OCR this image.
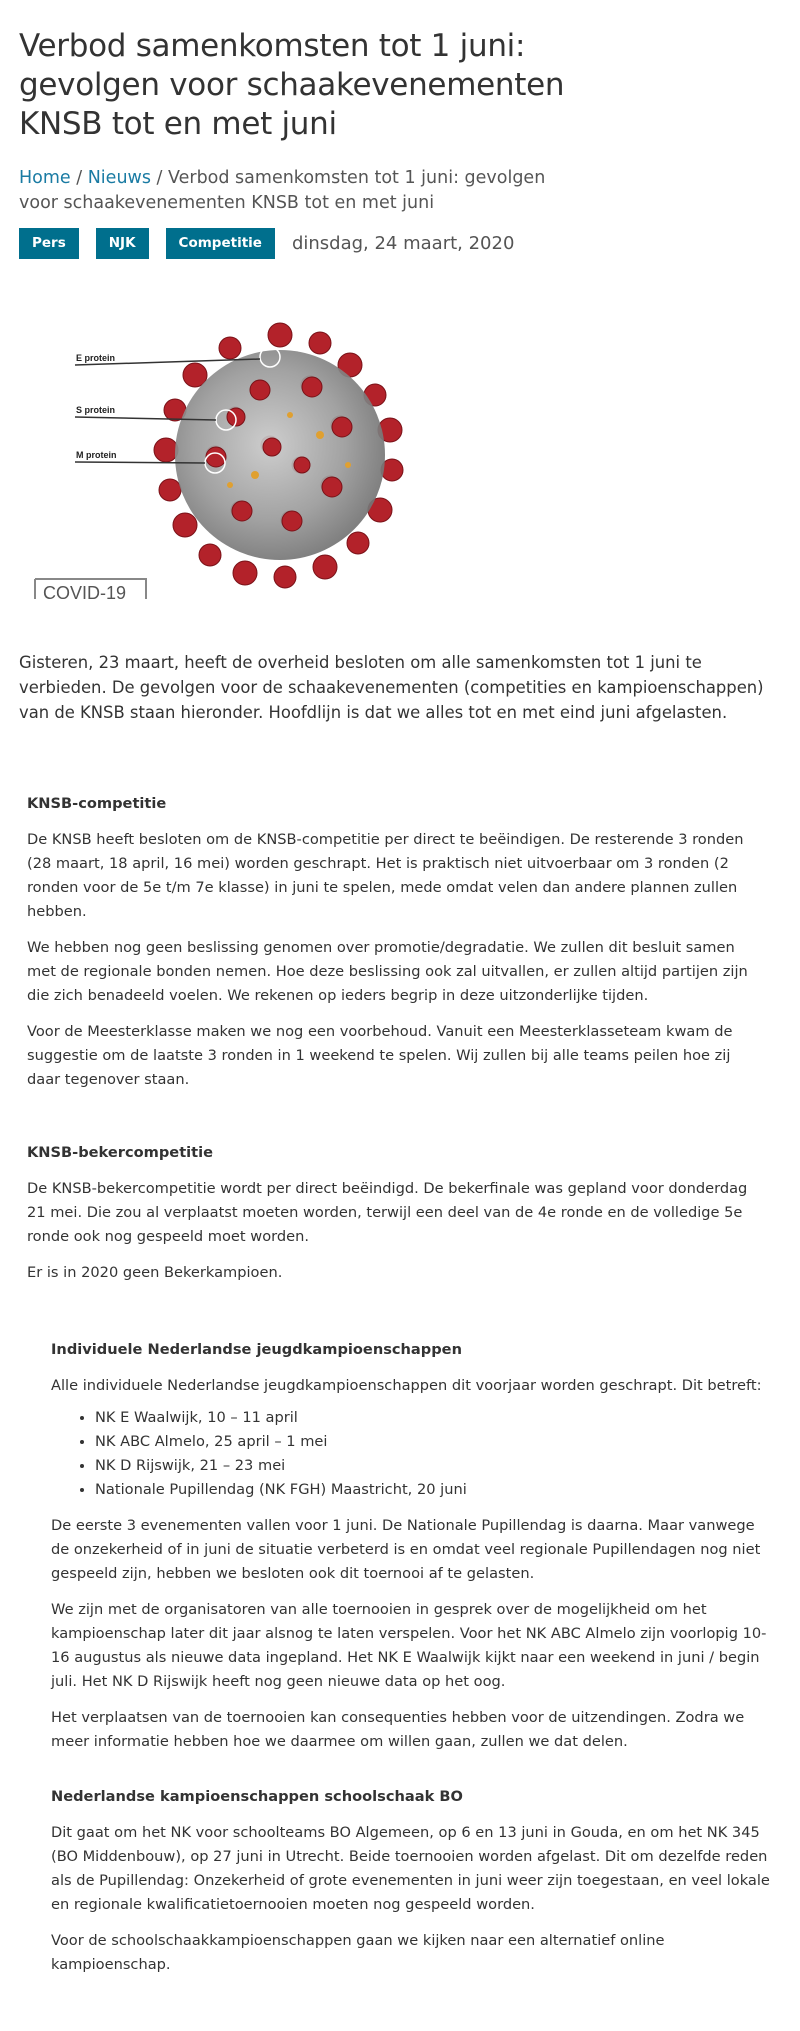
Verbod samenkomsten tot 1 juni: gevolgen voor schaakevenementen KNSB tot en met juni
Home / Nieuws / Verbod samenkomsten tot 1 juni: gevolgen voor schaakevenementen KNSB tot en met juni
Pers	NJK	Competitie	dinsdag, 24 maart, 2020
E protein
S protein
M protein
COVID-19

Gisteren, 23 maart, heeft de overheid besloten om alle samenkomsten tot 1 juni te verbieden. De gevolgen voor de schaakevenementen (competities en kampioenschappen) van de KNSB staan hieronder. Hoofdlijn is dat we alles tot en met eind juni afgelasten.

KNSB-competitie

De KNSB heeft besloten om de KNSB-competitie per direct te beëindigen. De resterende 3 ronden (28 maart, 18 april, 16 mei) worden geschrapt. Het is praktisch niet uitvoerbaar om 3 ronden (2 ronden voor de 5e t/m 7e klasse) in juni te spelen, mede omdat velen dan andere plannen zullen hebben.

We hebben nog geen beslissing genomen over promotie/degradatie. We zullen dit besluit samen met de regionale bonden nemen. Hoe deze beslissing ook zal uitvallen, er zullen altijd partijen zijn die zich benadeeld voelen. We rekenen op ieders begrip in deze uitzonderlijke tijden.

Voor de Meesterklasse maken we nog een voorbehoud. Vanuit een Meesterklasseteam kwam de suggestie om de laatste 3 ronden in 1 weekend te spelen. Wij zullen bij alle teams peilen hoe zij daar tegenover staan.

KNSB-bekercompetitie

De KNSB-bekercompetitie wordt per direct beëindigd. De bekerfinale was gepland voor donderdag 21 mei. Die zou al verplaatst moeten worden, terwijl een deel van de 4e ronde en de volledige 5e ronde ook nog gespeeld moet worden.

Er is in 2020 geen Bekerkampioen.

Individuele Nederlandse jeugdkampioenschappen

Alle individuele Nederlandse jeugdkampioenschappen dit voorjaar worden geschrapt. Dit betreft:

• NK E Waalwijk, 10 – 11 april
• NK ABC Almelo, 25 april – 1 mei
• NK D Rijswijk, 21 – 23 mei
• Nationale Pupillendag (NK FGH) Maastricht, 20 juni

De eerste 3 evenementen vallen voor 1 juni. De Nationale Pupillendag is daarna. Maar vanwege de onzekerheid of in juni de situatie verbeterd is en omdat veel regionale Pupillendagen nog niet gespeeld zijn, hebben we besloten ook dit toernooi af te gelasten.

We zijn met de organisatoren van alle toernooien in gesprek over de mogelijkheid om het kampioenschap later dit jaar alsnog te laten verspelen. Voor het NK ABC Almelo zijn voorlopig 10-16 augustus als nieuwe data ingepland. Het NK E Waalwijk kijkt naar een weekend in juni / begin juli. Het NK D Rijswijk heeft nog geen nieuwe data op het oog.

Het verplaatsen van de toernooien kan consequenties hebben voor de uitzendingen. Zodra we meer informatie hebben hoe we daarmee om willen gaan, zullen we dat delen.

Nederlandse kampioenschappen schoolschaak BO

Dit gaat om het NK voor schoolteams BO Algemeen, op 6 en 13 juni in Gouda, en om het NK 345 (BO Middenbouw), op 27 juni in Utrecht. Beide toernooien worden afgelast. Dit om dezelfde reden als de Pupillendag: Onzekerheid of grote evenementen in juni weer zijn toegestaan, en veel lokale en regionale kwalificatietoernooien moeten nog gespeeld worden.

Voor de schoolschaakkampioenschappen gaan we kijken naar een alternatief online kampioenschap.
